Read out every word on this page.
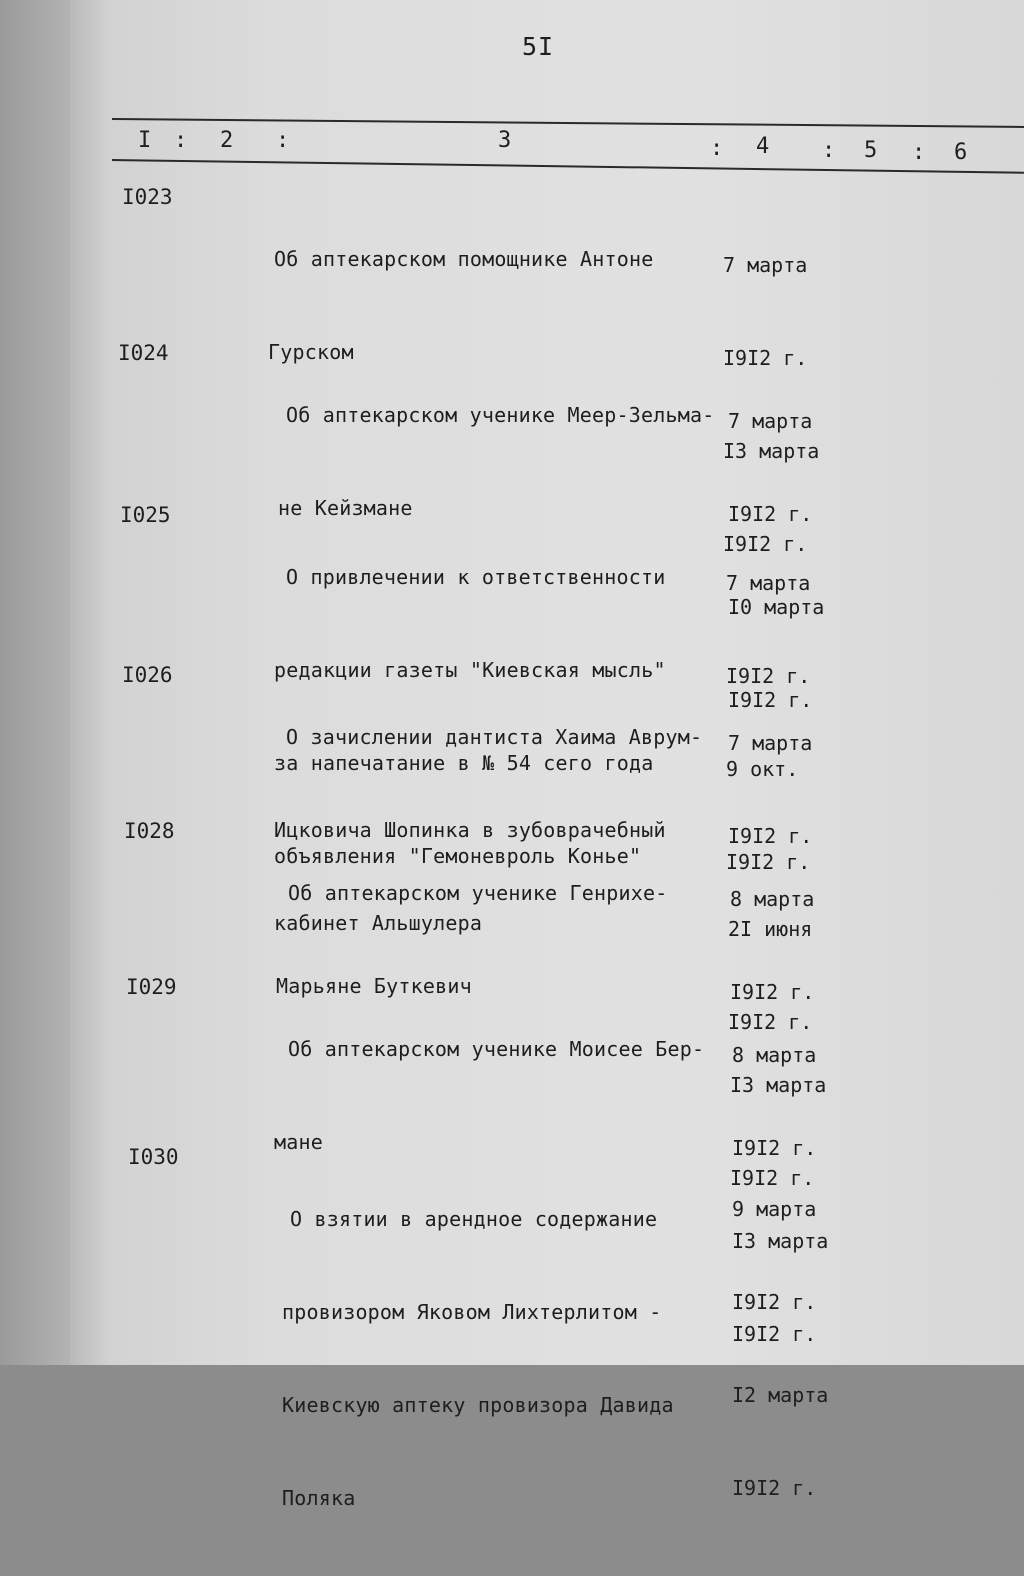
5I
I : 2 :	3	: 4 : 5 : 6
I023

Об аптекарском помощнике Антоне

Гурском

7 марта

I9I2 г.

I3 марта

I9I2 г.

I024

Об аптекарском ученике Меер-Зельма-

не Кейзмане

7 марта

I9I2 г.

I0 марта

I9I2 г.

I025

О привлечении к ответственности

редакции газеты "Киевская мысль"

за напечатание в № 54 сего года

объявления "Гемоневроль Конье"

7 марта

I9I2 г.

9 окт.

I9I2 г.

I026

О зачислении дантиста Хаима Аврум-

Ицковича Шопинка в зубоврачебный

кабинет Альшулера

7 марта

I9I2 г.

2I июня

I9I2 г.

I028

Об аптекарском ученике Генрихе-

Марьяне Буткевич

8 марта

I9I2 г.

I3 марта

I9I2 г.

I029

Об аптекарском ученике Моисее Бер-

мане

8 марта

I9I2 г.

I3 марта

I9I2 г.

I030

О взятии в арендное содержание

провизором Яковом Лихтерлитом -

Киевскую аптеку провизора Давида

Поляка

9 марта

I9I2 г.

I2 марта

I9I2 г.
